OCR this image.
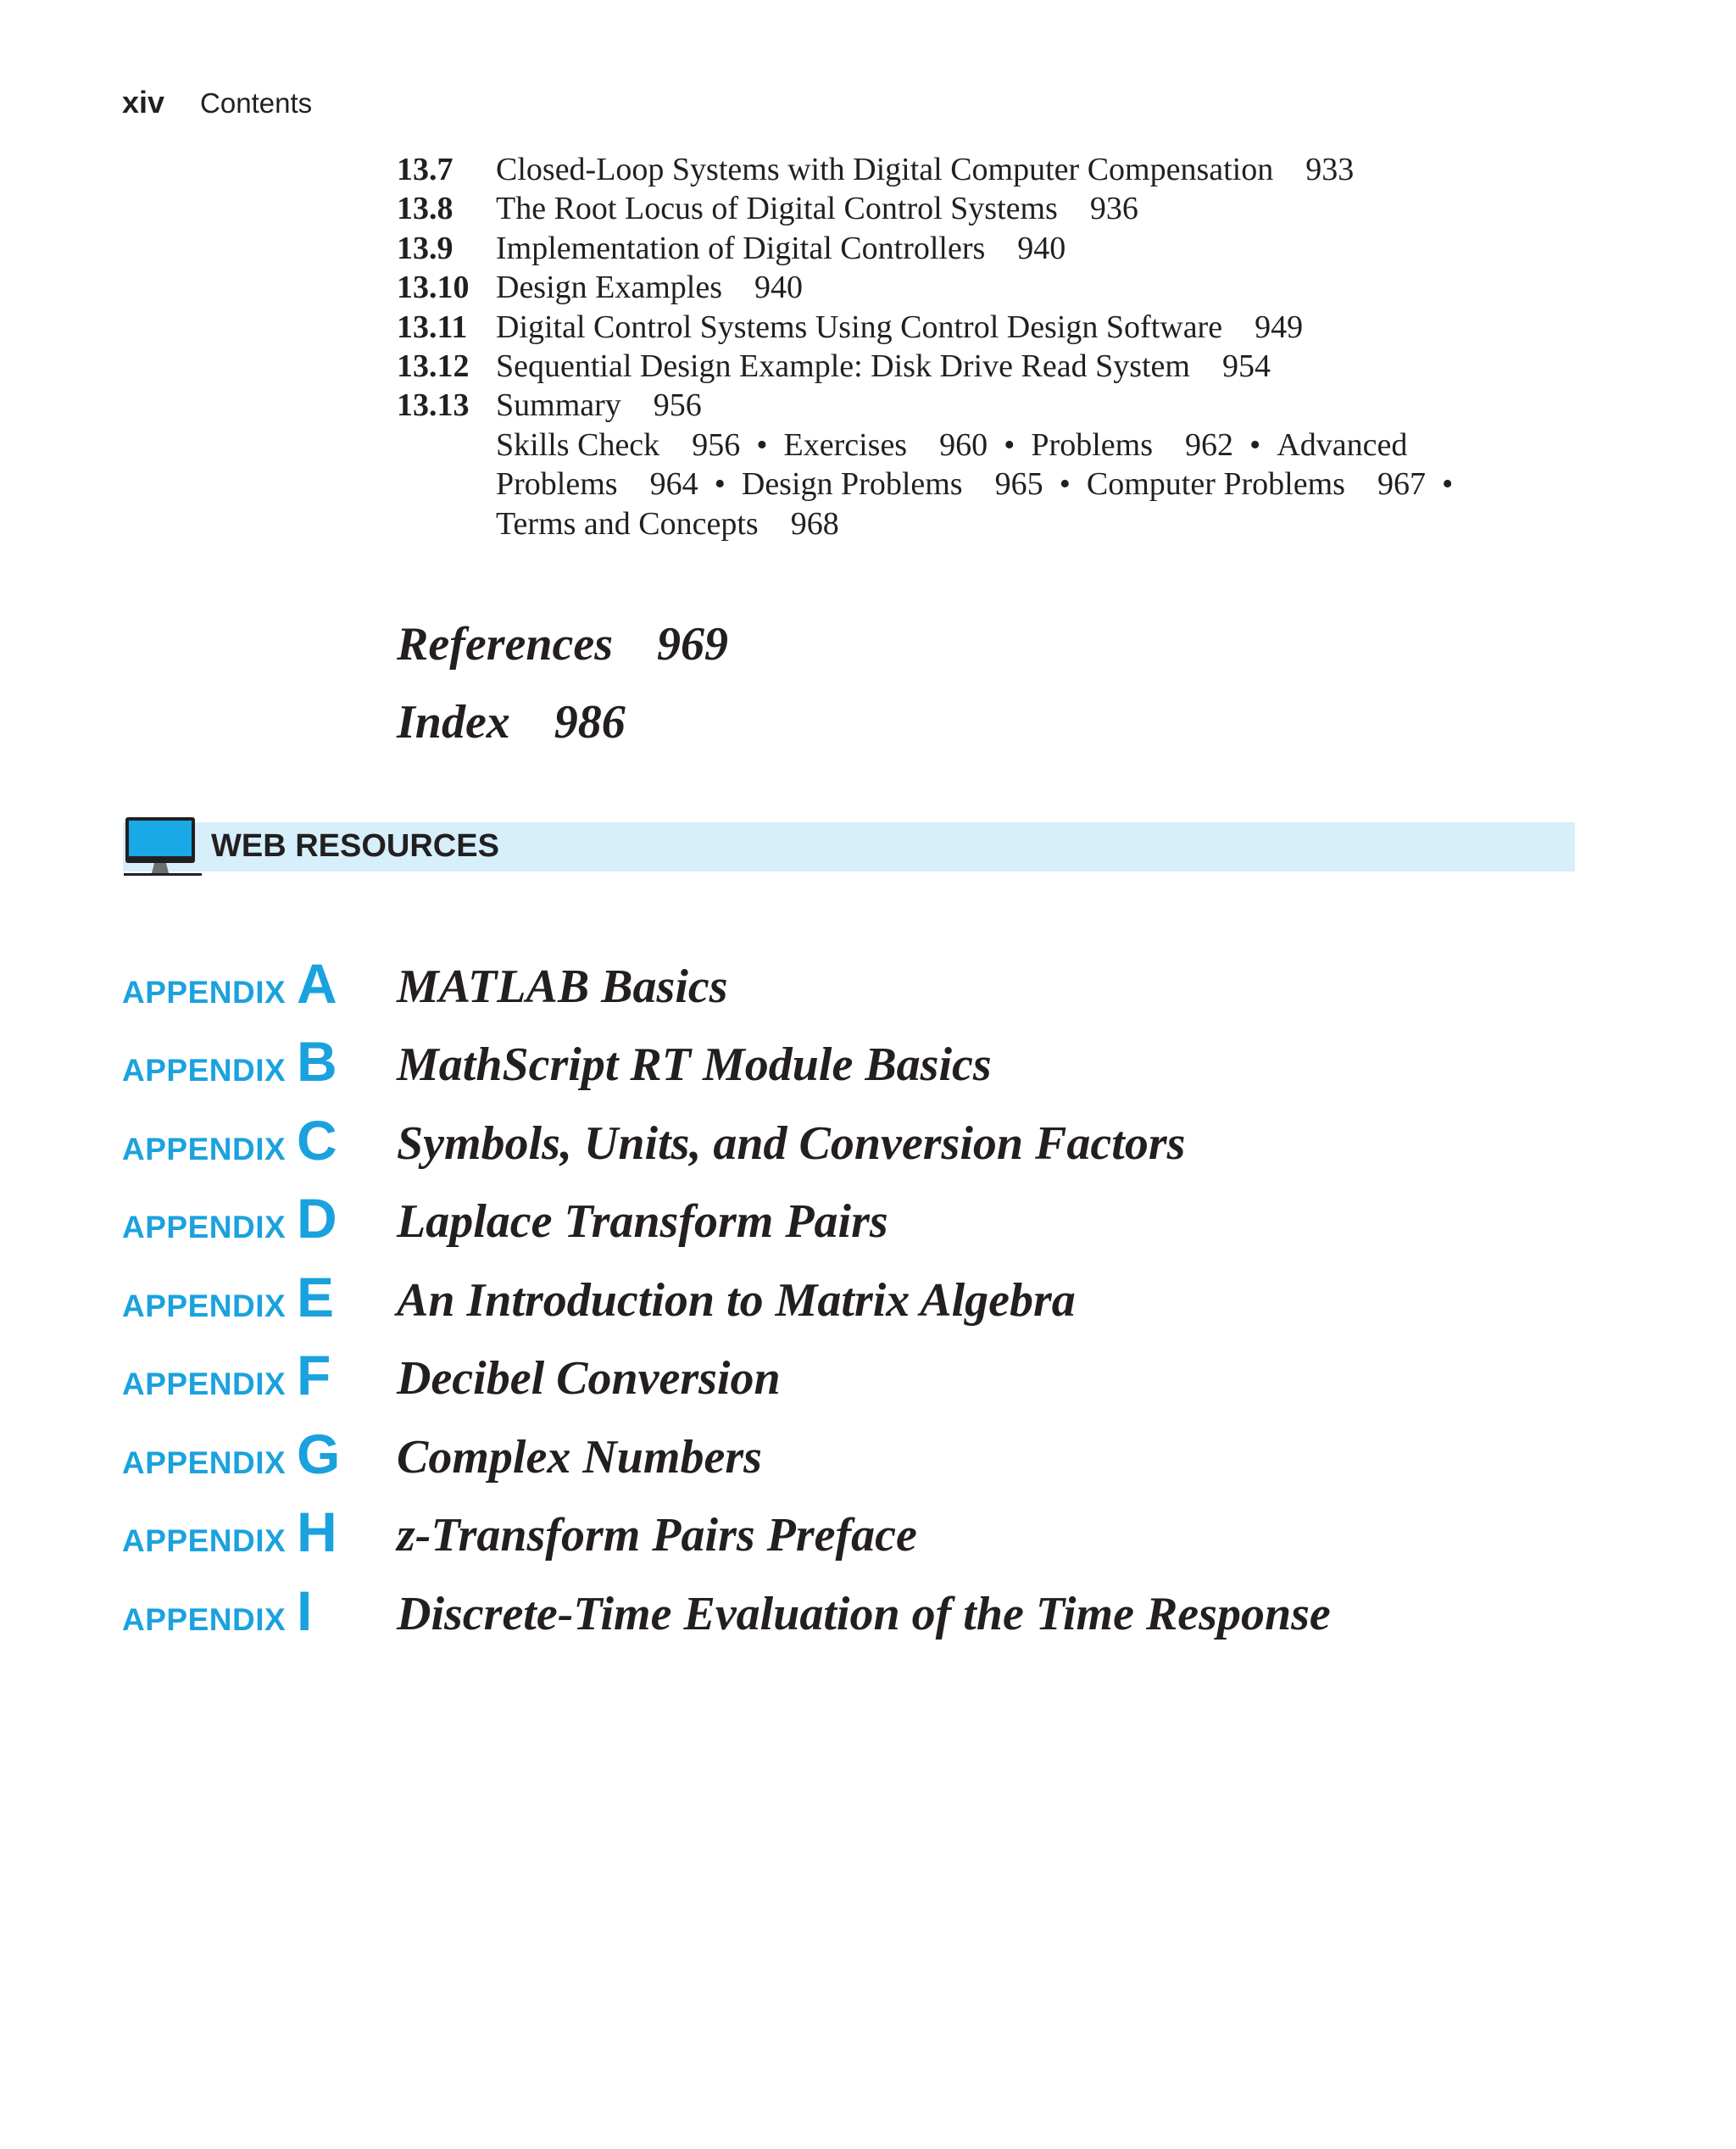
xiv Contents
13.7	Closed-Loop Systems with Digital Computer Compensation 933
13.8	The Root Locus of Digital Control Systems 936
13.9	Implementation of Digital Controllers 940
13.10 Design Examples 940
13.11 Digital Control Systems Using Control Design Software 949
13.12 Sequential Design Example: Disk Drive Read System 954
13.13 Summary 956
Skills Check 956 • Exercises 960 • Problems 962 • Advanced
Problems 964 • Design Problems 965 • Computer Problems 967 •
Terms and Concepts 968
References 969
Index 986
WEB RESOURCES
APPENDIX A MATLAB Basics
APPENDIX B MathScript RT Module Basics
APPENDIX C Symbols, Units, and Conversion Factors
APPENDIX D Laplace Transform Pairs
APPENDIX E An Introduction to Matrix Algebra
APPENDIX F Decibel Conversion
APPENDIX G Complex Numbers
APPENDIX H z-Transform Pairs Preface
APPENDIX I Discrete-Time Evaluation of the Time Response
